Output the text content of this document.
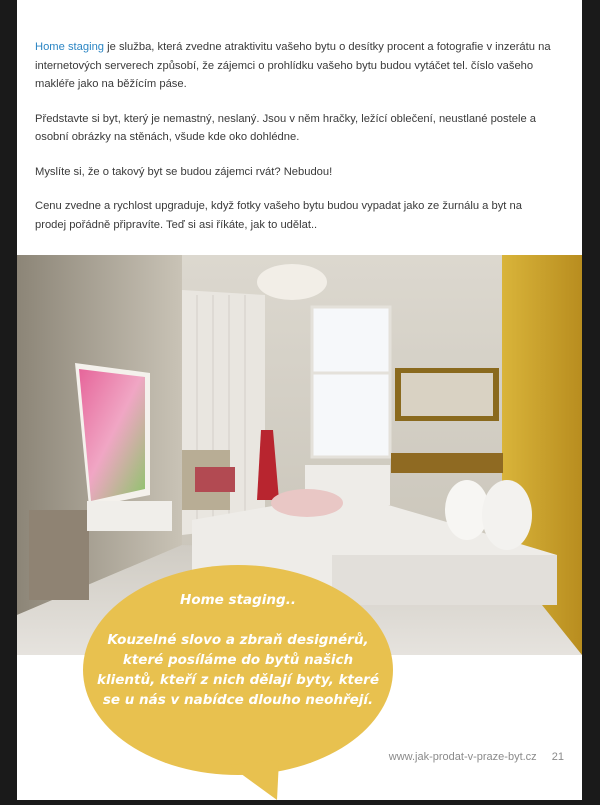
Home staging je služba, která zvedne atraktivitu vašeho bytu o desítky procent a fotografie v inzerátu na internetových serverech způsobí, že zájemci o prohlídku vašeho bytu budou vytáčet tel. číslo vašeho makléře jako na běžícím páse.

Představte si byt, který je nemastný, neslaný. Jsou v něm hračky, ležící oblečení, neustlané postele a osobní obrázky na stěnách, všude kde oko dohlédne.

Myslíte si, že o takový byt se budou zájemci rvát? Nebudou!

Cenu zvedne a rychlost upgraduje, když fotky vašeho bytu budou vypadat jako ze žurnálu a byt na prodej pořádně připravíte. Teď si asi říkáte, jak to udělat..

Home staging..
Kouzelné slovo a zbraň designérů, které posíláme do bytů našich klientů, kteří z nich dělají byty, které se u nás v nabídce dlouho neohřejí.
www.jak-prodat-v-praze-byt.cz 21
